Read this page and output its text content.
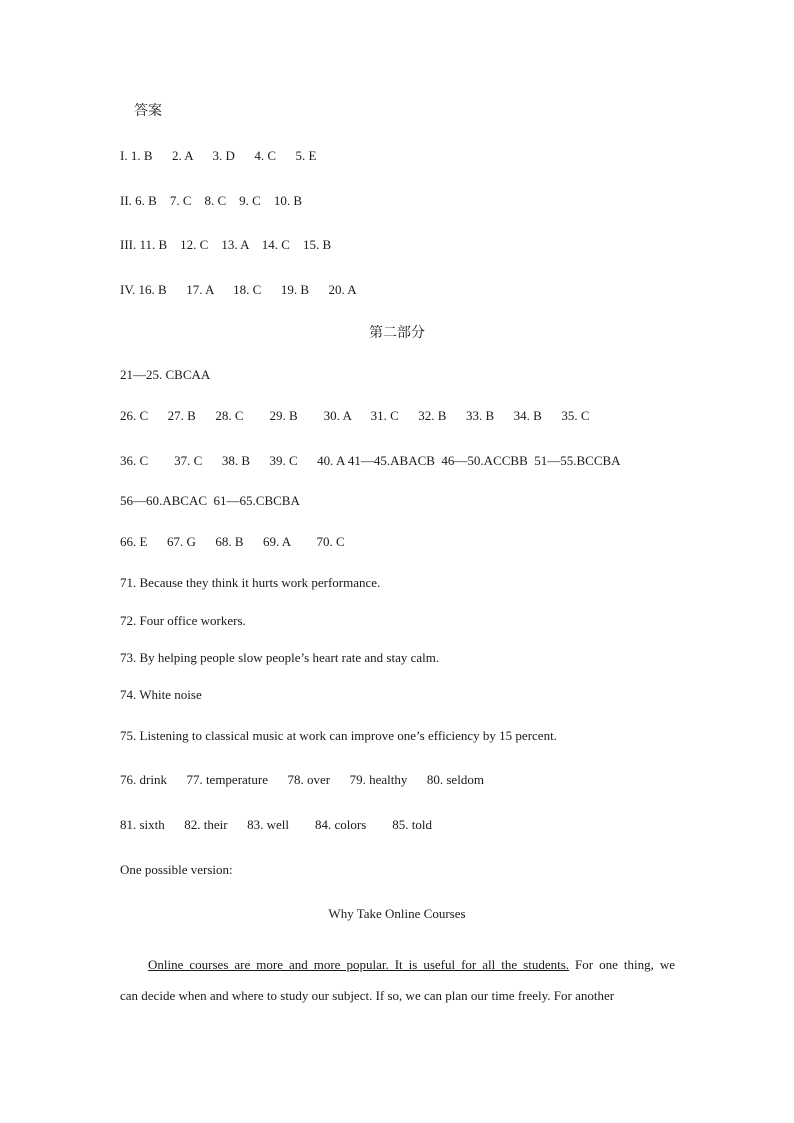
答案
I. 1. B      2. A      3. D      4. C      5. E
II. 6. B    7. C    8. C    9. C    10. B
III. 11. B    12. C    13. A    14. C    15. B
IV. 16. B      17. A      18. C      19. B      20. A
第二部分
21—25. CBCAA
26. C      27. B      28. C        29. B        30. A      31. C      32. B      33. B      34. B      35. C
36. C        37. C      38. B      39. C      40. A 41—45.ABACB  46—50.ACCBB  51—55.BCCBA
56—60.ABCAC  61—65.CBCBA
66. E      67. G      68. B      69. A        70. C
71. Because they think it hurts work performance.
72. Four office workers.
73. By helping people slow people’s heart rate and stay calm.
74. White noise
75. Listening to classical music at work can improve one’s efficiency by 15 percent.
76. drink      77. temperature      78. over      79. healthy      80. seldom
81. sixth      82. their      83. well        84. colors        85. told
One possible version:
Why Take Online Courses
Online courses are more and more popular. It is useful for all the students. For one thing, we
can decide when and where to study our subject. If so, we can plan our time freely. For another
